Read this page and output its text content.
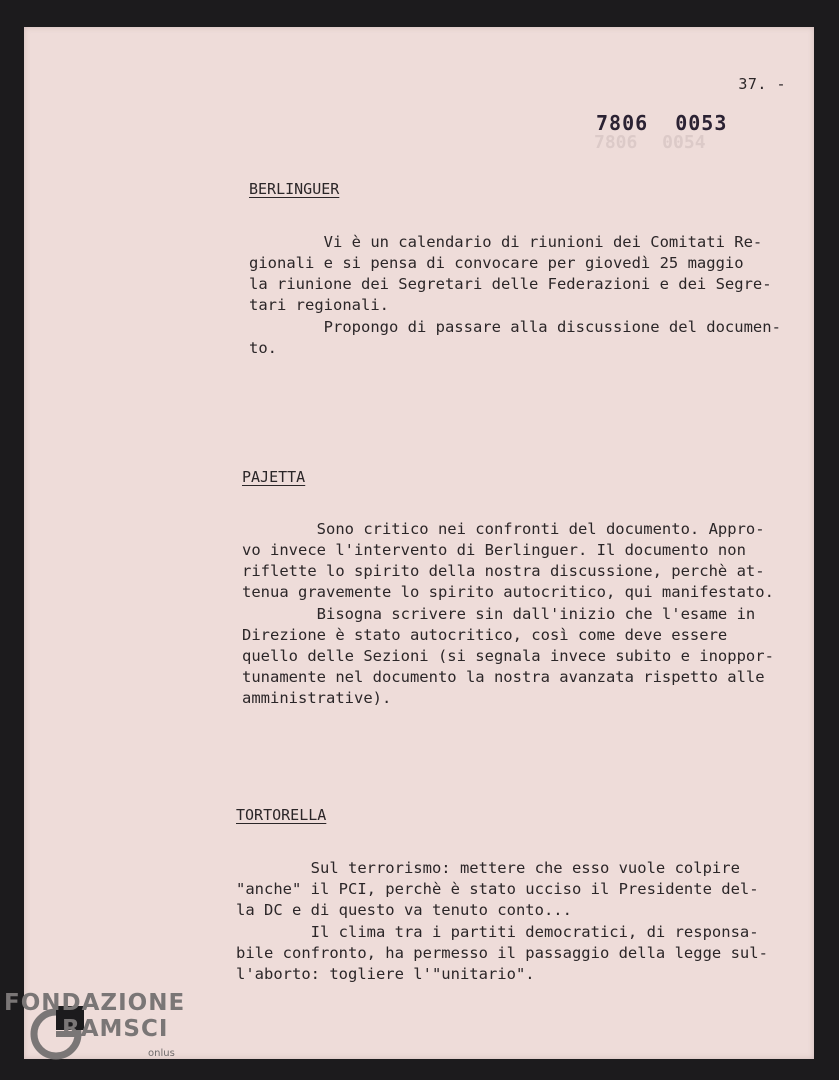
7806 0054
37. -
7806 0053
BERLINGUER

Vi è un calendario di riunioni dei Comitati Re-
gionali e si pensa di convocare per giovedì 25 maggio
la riunione dei Segretari delle Federazioni e dei Segre-
tari regionali.

Propongo di passare alla discussione del documen-
to.

PAJETTA

Sono critico nei confronti del documento. Appro-
vo invece l'intervento di Berlinguer. Il documento non
riflette lo spirito della nostra discussione, perchè at-
tenua gravemente lo spirito autocritico, qui manifestato.

Bisogna scrivere sin dall'inizio che l'esame in
Direzione è stato autocritico, così come deve essere
quello delle Sezioni (si segnala invece subito e inoppor-
tunamente nel documento la nostra avanzata rispetto alle
amministrative).

TORTORELLA

Sul terrorismo: mettere che esso vuole colpire
"anche" il PCI, perchè è stato ucciso il Presidente del-
la DC e di questo va tenuto conto...

Il clima tra i partiti democratici, di responsa-
bile confronto, ha permesso il passaggio della legge sul-
l'aborto: togliere l'"unitario".

FONDAZIONE
RAMSCI
onlus
